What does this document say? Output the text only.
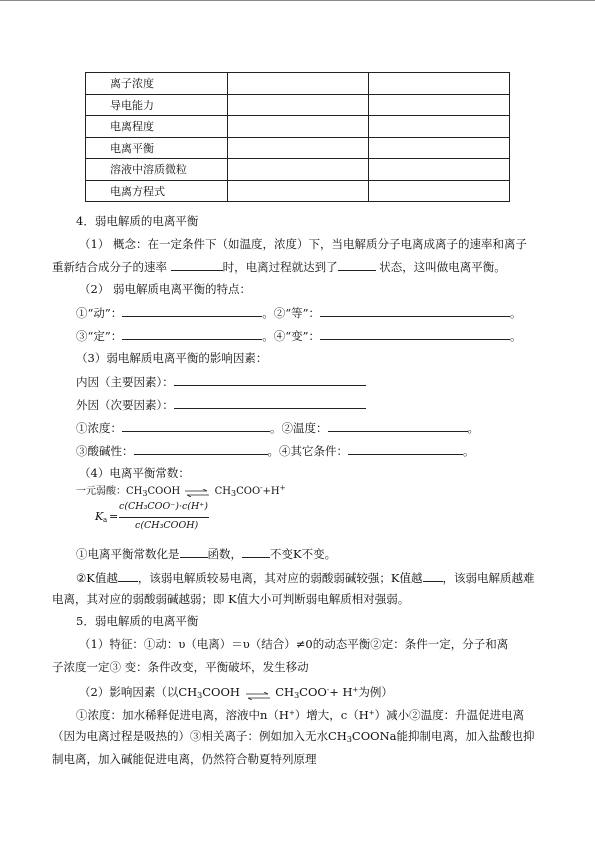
离子浓度		
导电能力		
电离程度		
电离平衡		
溶液中溶质微粒		
电离方程式		
4．弱电解质的电离平衡
（1） 概念：在一定条件下（如温度，浓度）下，当电解质分子电离成离子的速率和离子
重新结合成分子的速率	时，电离过程就达到了	状态，这叫做电离平衡。
（2） 弱电解质电离平衡的特点：
①“动”：	。②“等”：	。
③“定”：	。④“变”：	。
（3）弱电解质电离平衡的影响因素：
内因（主要因素）：
外因（次要因素）：
①浓度：	。②温度：	。
③酸碱性：	。④其它条件：	。
（4）电离平衡常数：
一元弱酸：$CH_3COOH$ ⇌ $CH_3COO^-+H^+$
K a =
c(CH₃COO⁻)·c(H⁺)
c(CH₃COOH)
①电离平衡常数化是 函数， 不变K不变。
②K值越 ，该弱电解质较易电离，其对应的弱酸弱碱较强；K值越 ，该弱电解质越难
电离，其对应的弱酸弱碱越弱；即 K值大小可判断弱电解质相对强弱。
5．弱电解质的电离平衡
（1）特征：①动：υ（电离）＝υ（结合）≠0的动态平衡②定：条件一定，分子和离
子浓度一定③ 变：条件改变，平衡破坏，发生移动
（2）影响因素（以$CH_3COOH$ ⇌ $CH_3COO^-+ H^+$为例）
①浓度：加水稀释促进电离，溶液中n（H+）增大，c（H+）减小②温度：升温促进电离
（因为电离过程是吸热的）③相关离子：例如加入无水$CH_3COONa$能抑制电离，加入盐酸也抑
制电离，加入碱能促进电离，仍然符合勒夏特列原理
